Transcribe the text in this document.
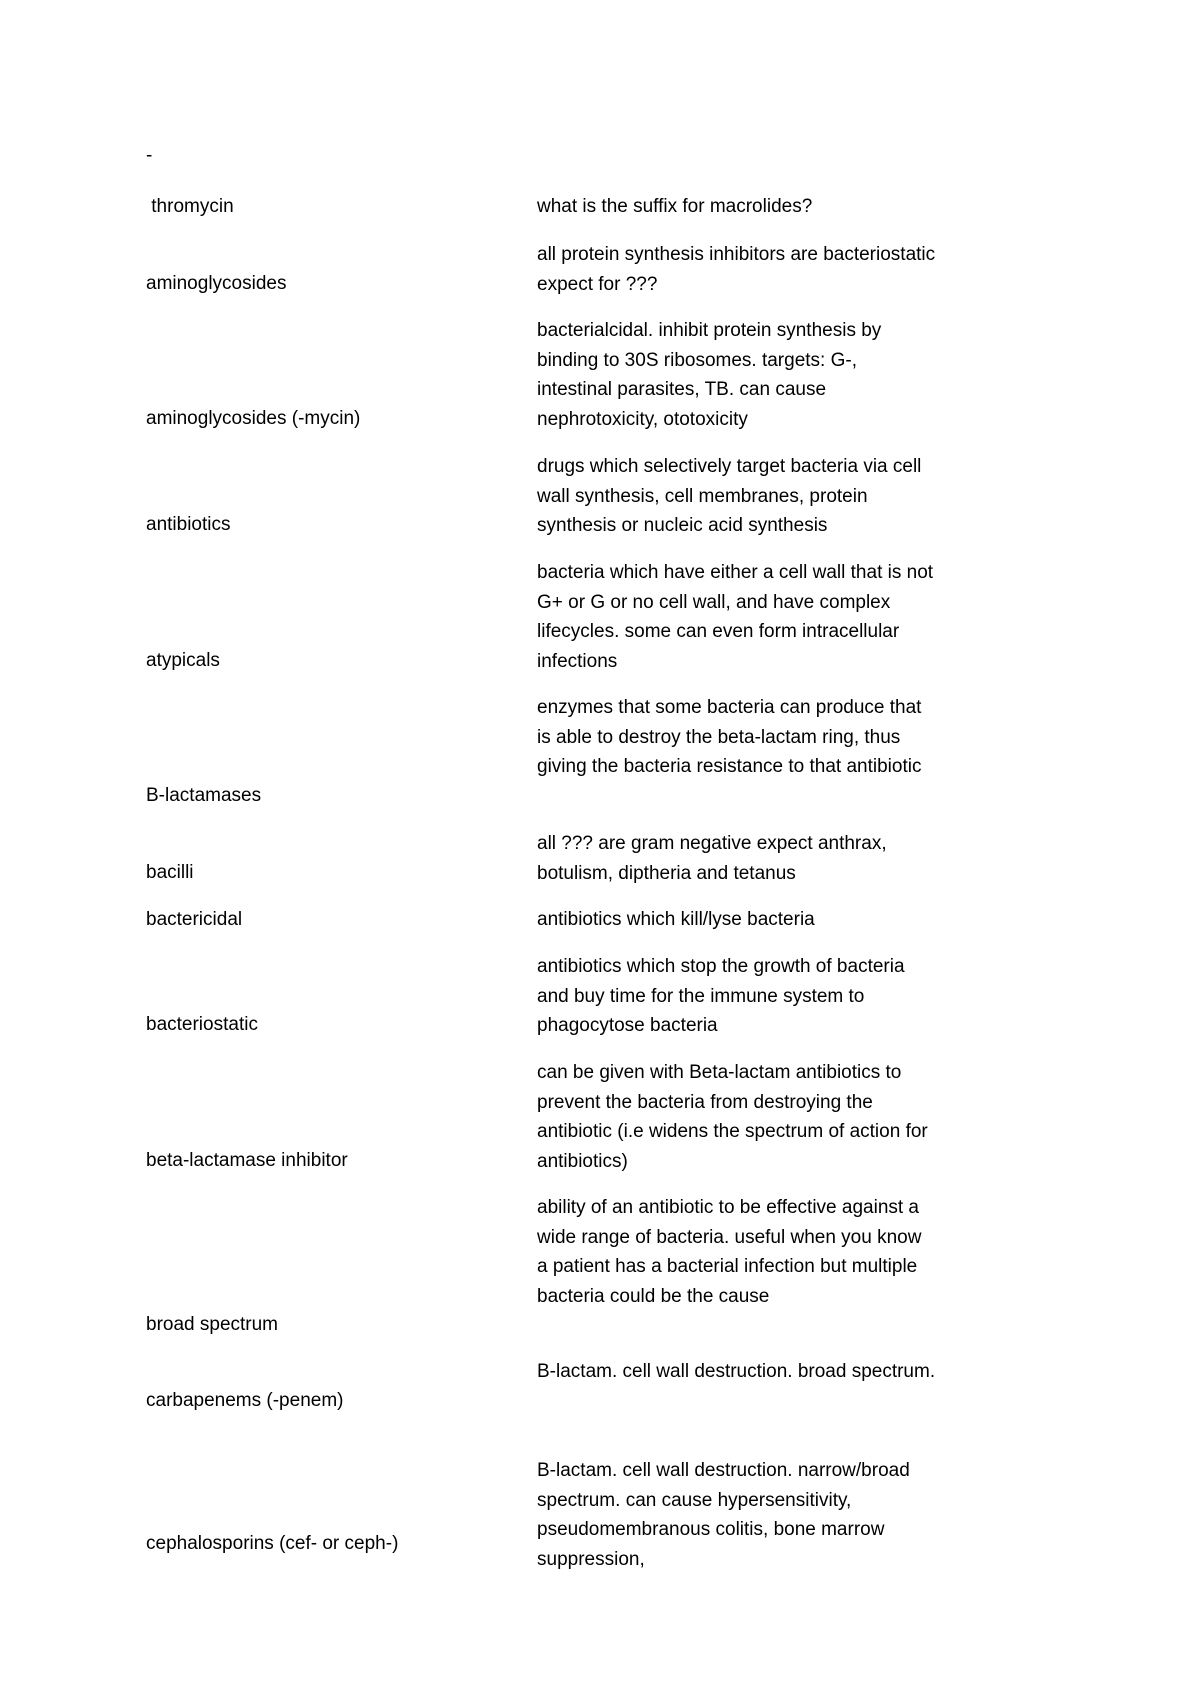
-
thromycin	what is the suffix for macrolides?
aminoglycosides
all protein synthesis inhibitors are bacteriostatic expect for ???
aminoglycosides (-mycin)
bacterialcidal. inhibit protein synthesis by binding to 30S ribosomes. targets: G-, intestinal parasites, TB. can cause nephrotoxicity, ototoxicity
antibiotics
drugs which selectively target bacteria via cell wall synthesis, cell membranes, protein synthesis or nucleic acid synthesis
atypicals
bacteria which have either a cell wall that is not G+ or G or no cell wall, and have complex lifecycles. some can even form intracellular infections
B-lactamases
enzymes that some bacteria can produce that is able to destroy the beta-lactam ring, thus giving the bacteria resistance to that antibiotic
bacilli
all ??? are gram negative expect anthrax, botulism, diptheria and tetanus
bactericidal	antibiotics which kill/lyse bacteria
bacteriostatic
antibiotics which stop the growth of bacteria and buy time for the immune system to phagocytose bacteria
beta-lactamase inhibitor
can be given with Beta-lactam antibiotics to prevent the bacteria from destroying the antibiotic (i.e widens the spectrum of action for antibiotics)
broad spectrum
ability of an antibiotic to be effective against a wide range of bacteria. useful when you know a patient has a bacterial infection but multiple bacteria could be the cause
carbapenems (-penem)
B-lactam. cell wall destruction. broad spectrum.
cephalosporins (cef- or ceph-)
B-lactam. cell wall destruction. narrow/broad spectrum. can cause hypersensitivity, pseudomembranous colitis, bone marrow suppression,
